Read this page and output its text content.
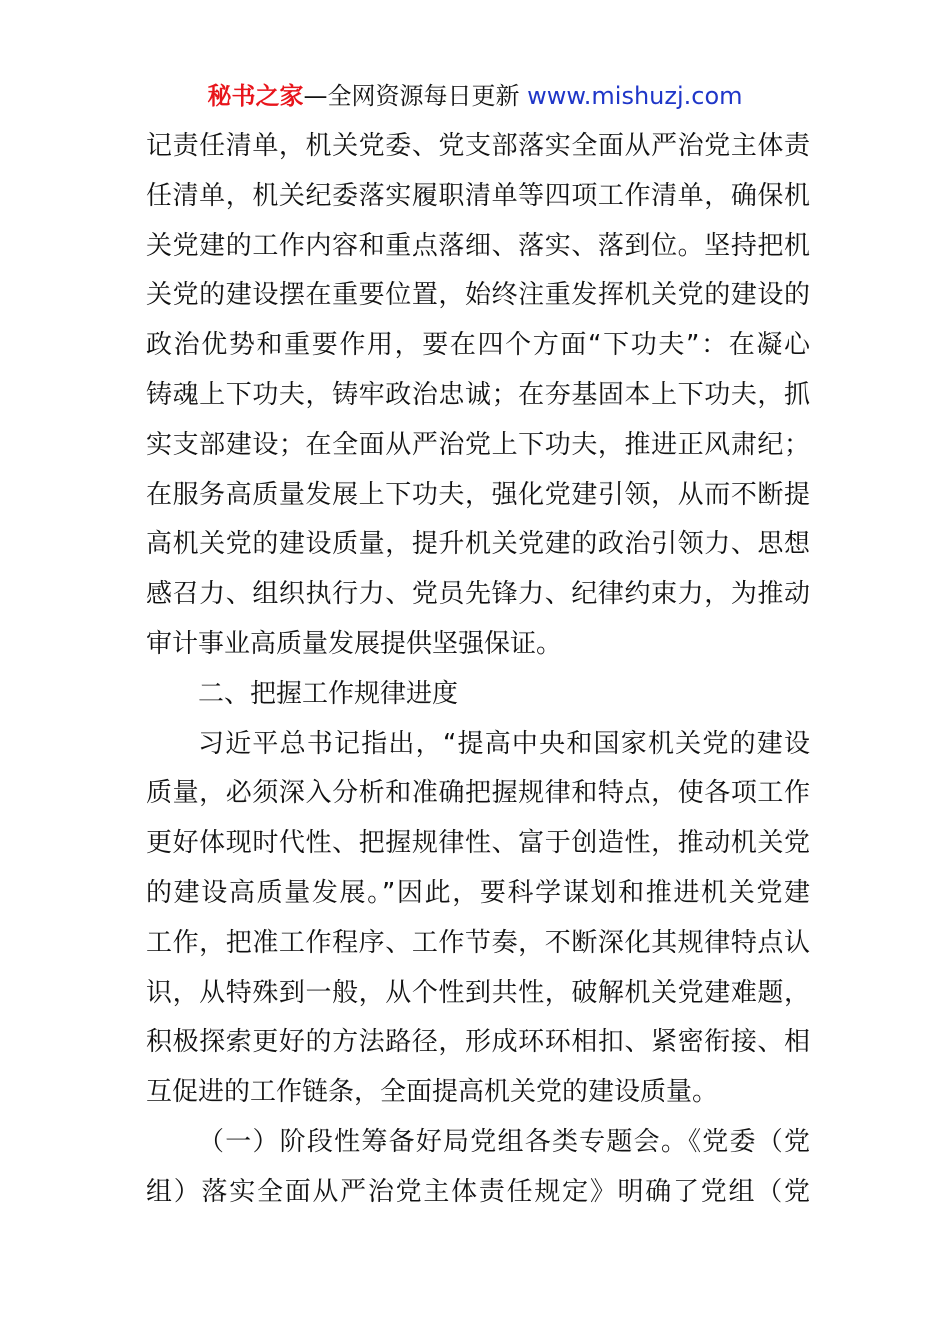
秘书之家—全网资源每日更新 www.mishuzj.com
记责任清单，机关党委、党支部落实全面从严治党主体责
任清单，机关纪委落实履职清单等四项工作清单，确保机
关党建的工作内容和重点落细、落实、落到位。坚持把机
关党的建设摆在重要位置，始终注重发挥机关党的建设的
政治优势和重要作用，要在四个方面“下功夫”：在凝心
铸魂上下功夫，铸牢政治忠诚；在夯基固本上下功夫，抓
实支部建设；在全面从严治党上下功夫，推进正风肃纪；
在服务高质量发展上下功夫，强化党建引领，从而不断提
高机关党的建设质量，提升机关党建的政治引领力、思想
感召力、组织执行力、党员先锋力、纪律约束力，为推动
审计事业高质量发展提供坚强保证。
二、把握工作规律进度
习近平总书记指出，“提高中央和国家机关党的建设
质量，必须深入分析和准确把握规律和特点，使各项工作
更好体现时代性、把握规律性、富于创造性，推动机关党
的建设高质量发展。”因此，要科学谋划和推进机关党建
工作，把准工作程序、工作节奏，不断深化其规律特点认
识，从特殊到一般，从个性到共性，破解机关党建难题，
积极探索更好的方法路径，形成环环相扣、紧密衔接、相
互促进的工作链条，全面提高机关党的建设质量。
（一）阶段性筹备好局党组各类专题会。《党委（党
组）落实全面从严治党主体责任规定》明确了党组（党
